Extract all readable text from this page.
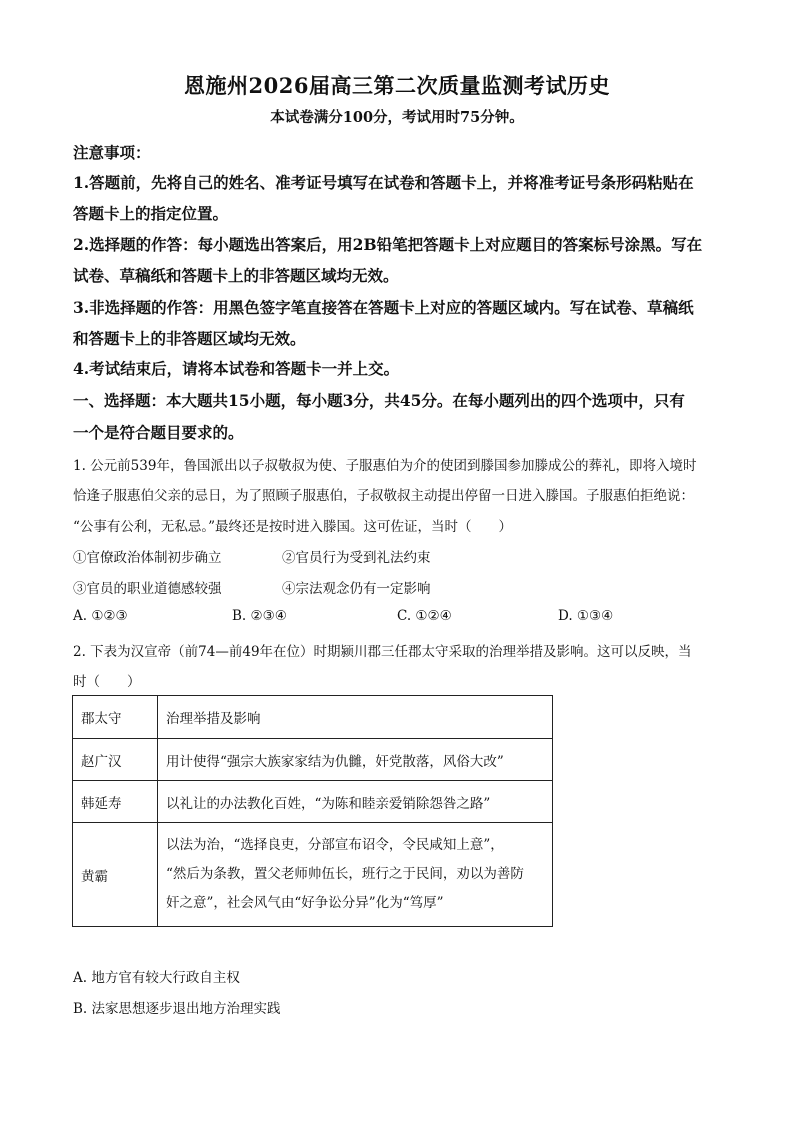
恩施州2026届高三第二次质量监测考试历史
本试卷满分100分，考试用时75分钟。
注意事项：
1.答题前，先将自己的姓名、准考证号填写在试卷和答题卡上，并将准考证号条形码粘贴在
答题卡上的指定位置。
2.选择题的作答：每小题选出答案后，用2B铅笔把答题卡上对应题目的答案标号涂黑。写在
试卷、草稿纸和答题卡上的非答题区域均无效。
3.非选择题的作答：用黑色签字笔直接答在答题卡上对应的答题区域内。写在试卷、草稿纸
和答题卡上的非答题区域均无效。
4.考试结束后，请将本试卷和答题卡一并上交。
一、选择题：本大题共15小题，每小题3分，共45分。在每小题列出的四个选项中，只有
一个是符合题目要求的。
1. 公元前539年，鲁国派出以子叔敬叔为使、子服惠伯为介的使团到滕国参加滕成公的葬礼，即将入境时
恰逢子服惠伯父亲的忌日，为了照顾子服惠伯，子叔敬叔主动提出停留一日进入滕国。子服惠伯拒绝说：
“公事有公利，无私忌。”最终还是按时进入滕国。这可佐证，当时（　　）
①官僚政治体制初步确立	②官员行为受到礼法约束
③官员的职业道德感较强	④宗法观念仍有一定影响
A. ①②③	B. ②③④	C. ①②④	D. ①③④
2. 下表为汉宣帝（前74—前49年在位）时期颍川郡三任郡太守采取的治理举措及影响。这可以反映，当
时（　　）
郡太守	治理举措及影响
赵广汉	用计使得“强宗大族家家结为仇雠，奸党散落，风俗大改”
韩延寿	以礼让的办法教化百姓，“为陈和睦亲爱销除怨咎之路”
黄霸	以法为治，“选择良吏，分部宣布诏令，令民咸知上意”，
“然后为条教，置父老师帅伍长，班行之于民间，劝以为善防
奸之意”，社会风气由“好争讼分异”化为“笃厚”
A. 地方官有较大行政自主权
B. 法家思想逐步退出地方治理实践
